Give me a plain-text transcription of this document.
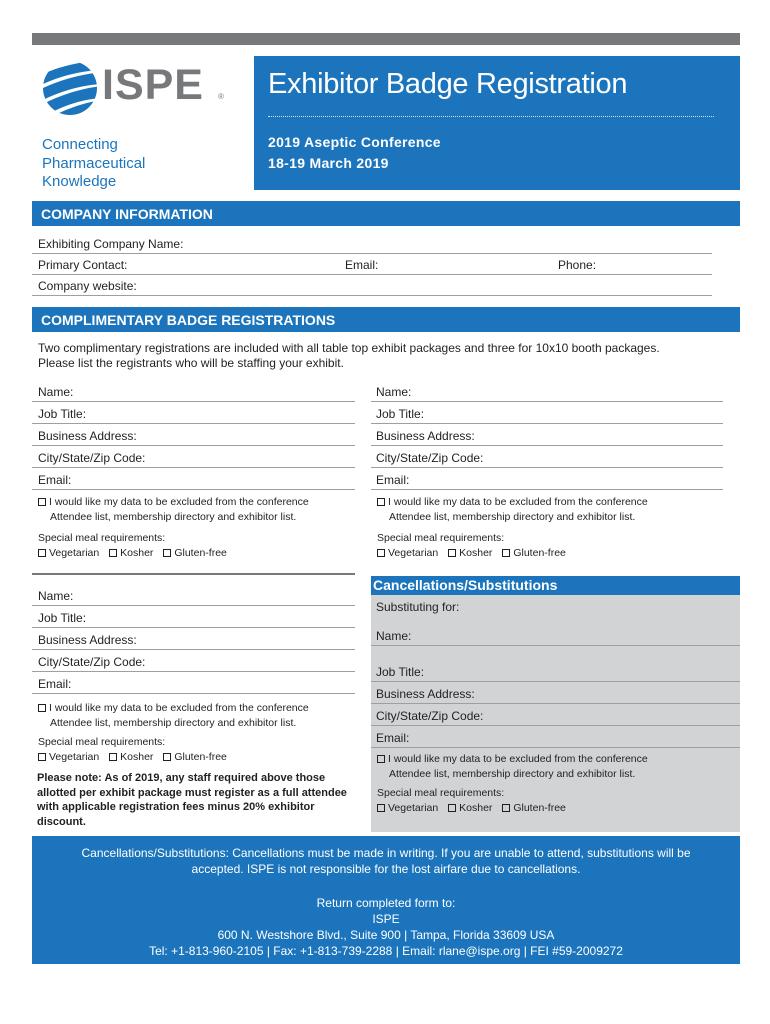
ISPE ®
Connecting
Pharmaceutical
Knowledge
Exhibitor Badge Registration
2019 Aseptic Conference
18-19 March 2019
COMPANY INFORMATION
Exhibiting Company Name:
Primary Contact:	Email:	Phone:
Company website:
COMPLIMENTARY BADGE REGISTRATIONS
Two complimentary registrations are included with all table top exhibit packages and three for 10x10 booth packages.
Please list the registrants who will be staffing your exhibit.
Name:
Job Title:
Business Address:
City/State/Zip Code:
Email:
I would like my data to be excluded from the conference
Attendee list, membership directory and exhibitor list.
Special meal requirements:
Vegetarian Kosher Gluten-free
Name:
Job Title:
Business Address:
City/State/Zip Code:
Email:
I would like my data to be excluded from the conference
Attendee list, membership directory and exhibitor list.
Special meal requirements:
Vegetarian Kosher Gluten-free
Name:
Job Title:
Business Address:
City/State/Zip Code:
Email:
I would like my data to be excluded from the conference
Attendee list, membership directory and exhibitor list.
Special meal requirements:
Vegetarian Kosher Gluten-free
Please note: As of 2019, any staff required above those allotted per exhibit package must register as a full attendee with applicable registration fees minus 20% exhibitor discount.
Cancellations/Substitutions
Substituting for:
Name:
Job Title:
Business Address:
City/State/Zip Code:
Email:
I would like my data to be excluded from the conference
Attendee list, membership directory and exhibitor list.
Special meal requirements:
Vegetarian Kosher Gluten-free
Cancellations/Substitutions: Cancellations must be made in writing. If you are unable to attend, substitutions will be
accepted. ISPE is not responsible for the lost airfare due to cancellations.
Return completed form to:
ISPE
600 N. Westshore Blvd., Suite 900 | Tampa, Florida 33609 USA
Tel: +1-813-960-2105 | Fax: +1-813-739-2288 | Email: rlane@ispe.org | FEI #59-2009272
